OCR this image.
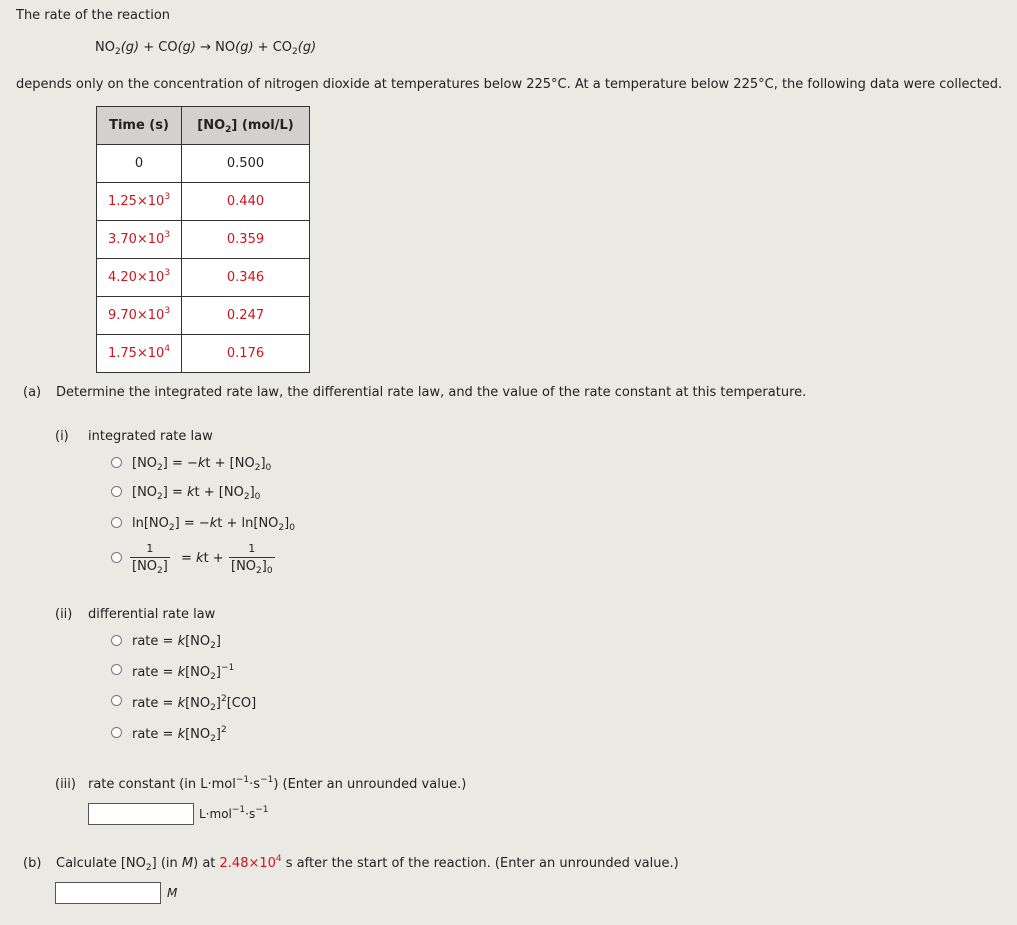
The rate of the reaction
$NO_2(g) + CO(g) \to NO(g) + CO_2(g)$
depends only on the concentration of nitrogen dioxide at temperatures below 225°C. At a temperature below 225°C, the following data were collected.
Time (s)	$[NO_2]$ (mol/L)
0	0.500
$1.25\times 10^3$	0.440
$3.70\times 10^3$	0.359
$4.20\times 10^3$	0.346
$9.70\times 10^3$	0.247
$1.75\times 10^4$	0.176
(a) Determine the integrated rate law, the differential rate law, and the value of the rate constant at this temperature.
(i) integrated rate law
$[NO_2] = -kt + [NO_2]_0$
$[NO_2]$ = kt + $[NO_2]_0$
$\ln[NO_2] = -kt + \ln[NO_2]_0$
1
$[NO_2]$
= kt +
1
$[NO_2]_0$
(ii) differential rate law
rate = $k[NO_2]$
rate = $k[NO_2]^{-1}$
rate = $k[NO_2]^2[CO]$
rate = $k[NO_2]^2$
(iii) rate constant (in $L\cdot mol^{-1}\cdot s^{-1}$) (Enter an unrounded value.)
$L\cdot mol^{-1}\cdot s^{-1}$
(b) Calculate $[NO_2]$ (in M) at $2.48\times 10^4$ s after the start of the reaction. (Enter an unrounded value.)
M
